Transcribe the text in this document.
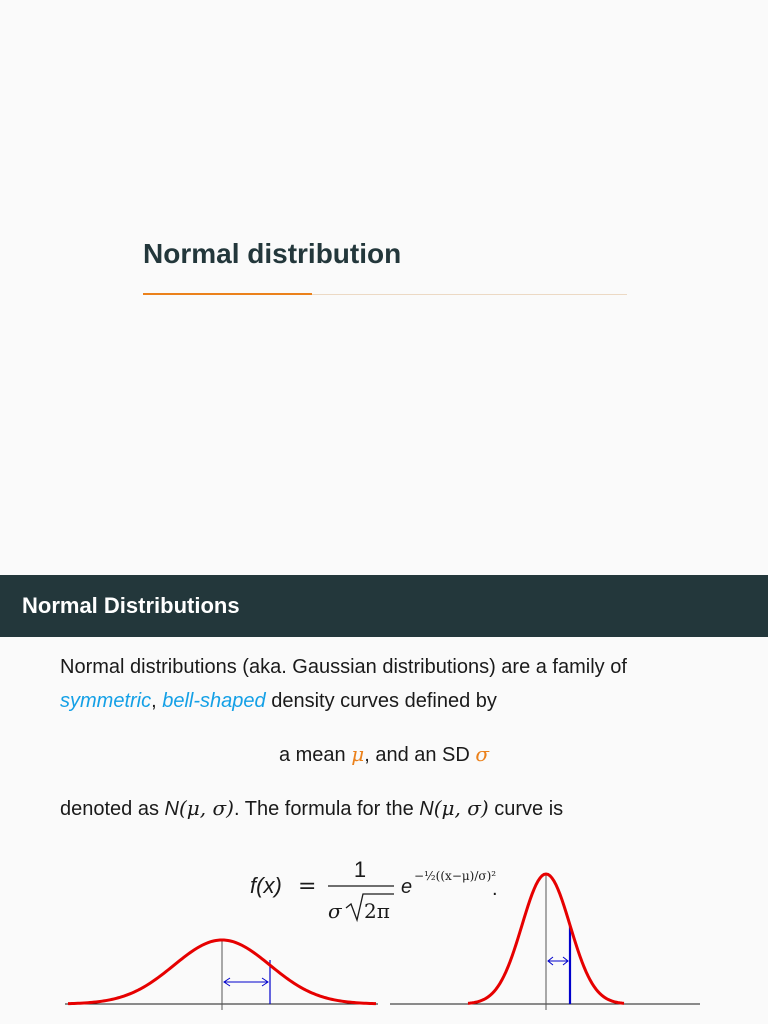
Normal distribution
Normal Distributions
Normal distributions (aka. Gaussian distributions) are a family of
symmetric, bell-shaped density curves defined by
a mean μ, and an SD σ
denoted as N(μ, σ). The formula for the N(μ, σ) curve is
f(x) =
1
σ 2π
e −½((x−μ)/σ)²
.
